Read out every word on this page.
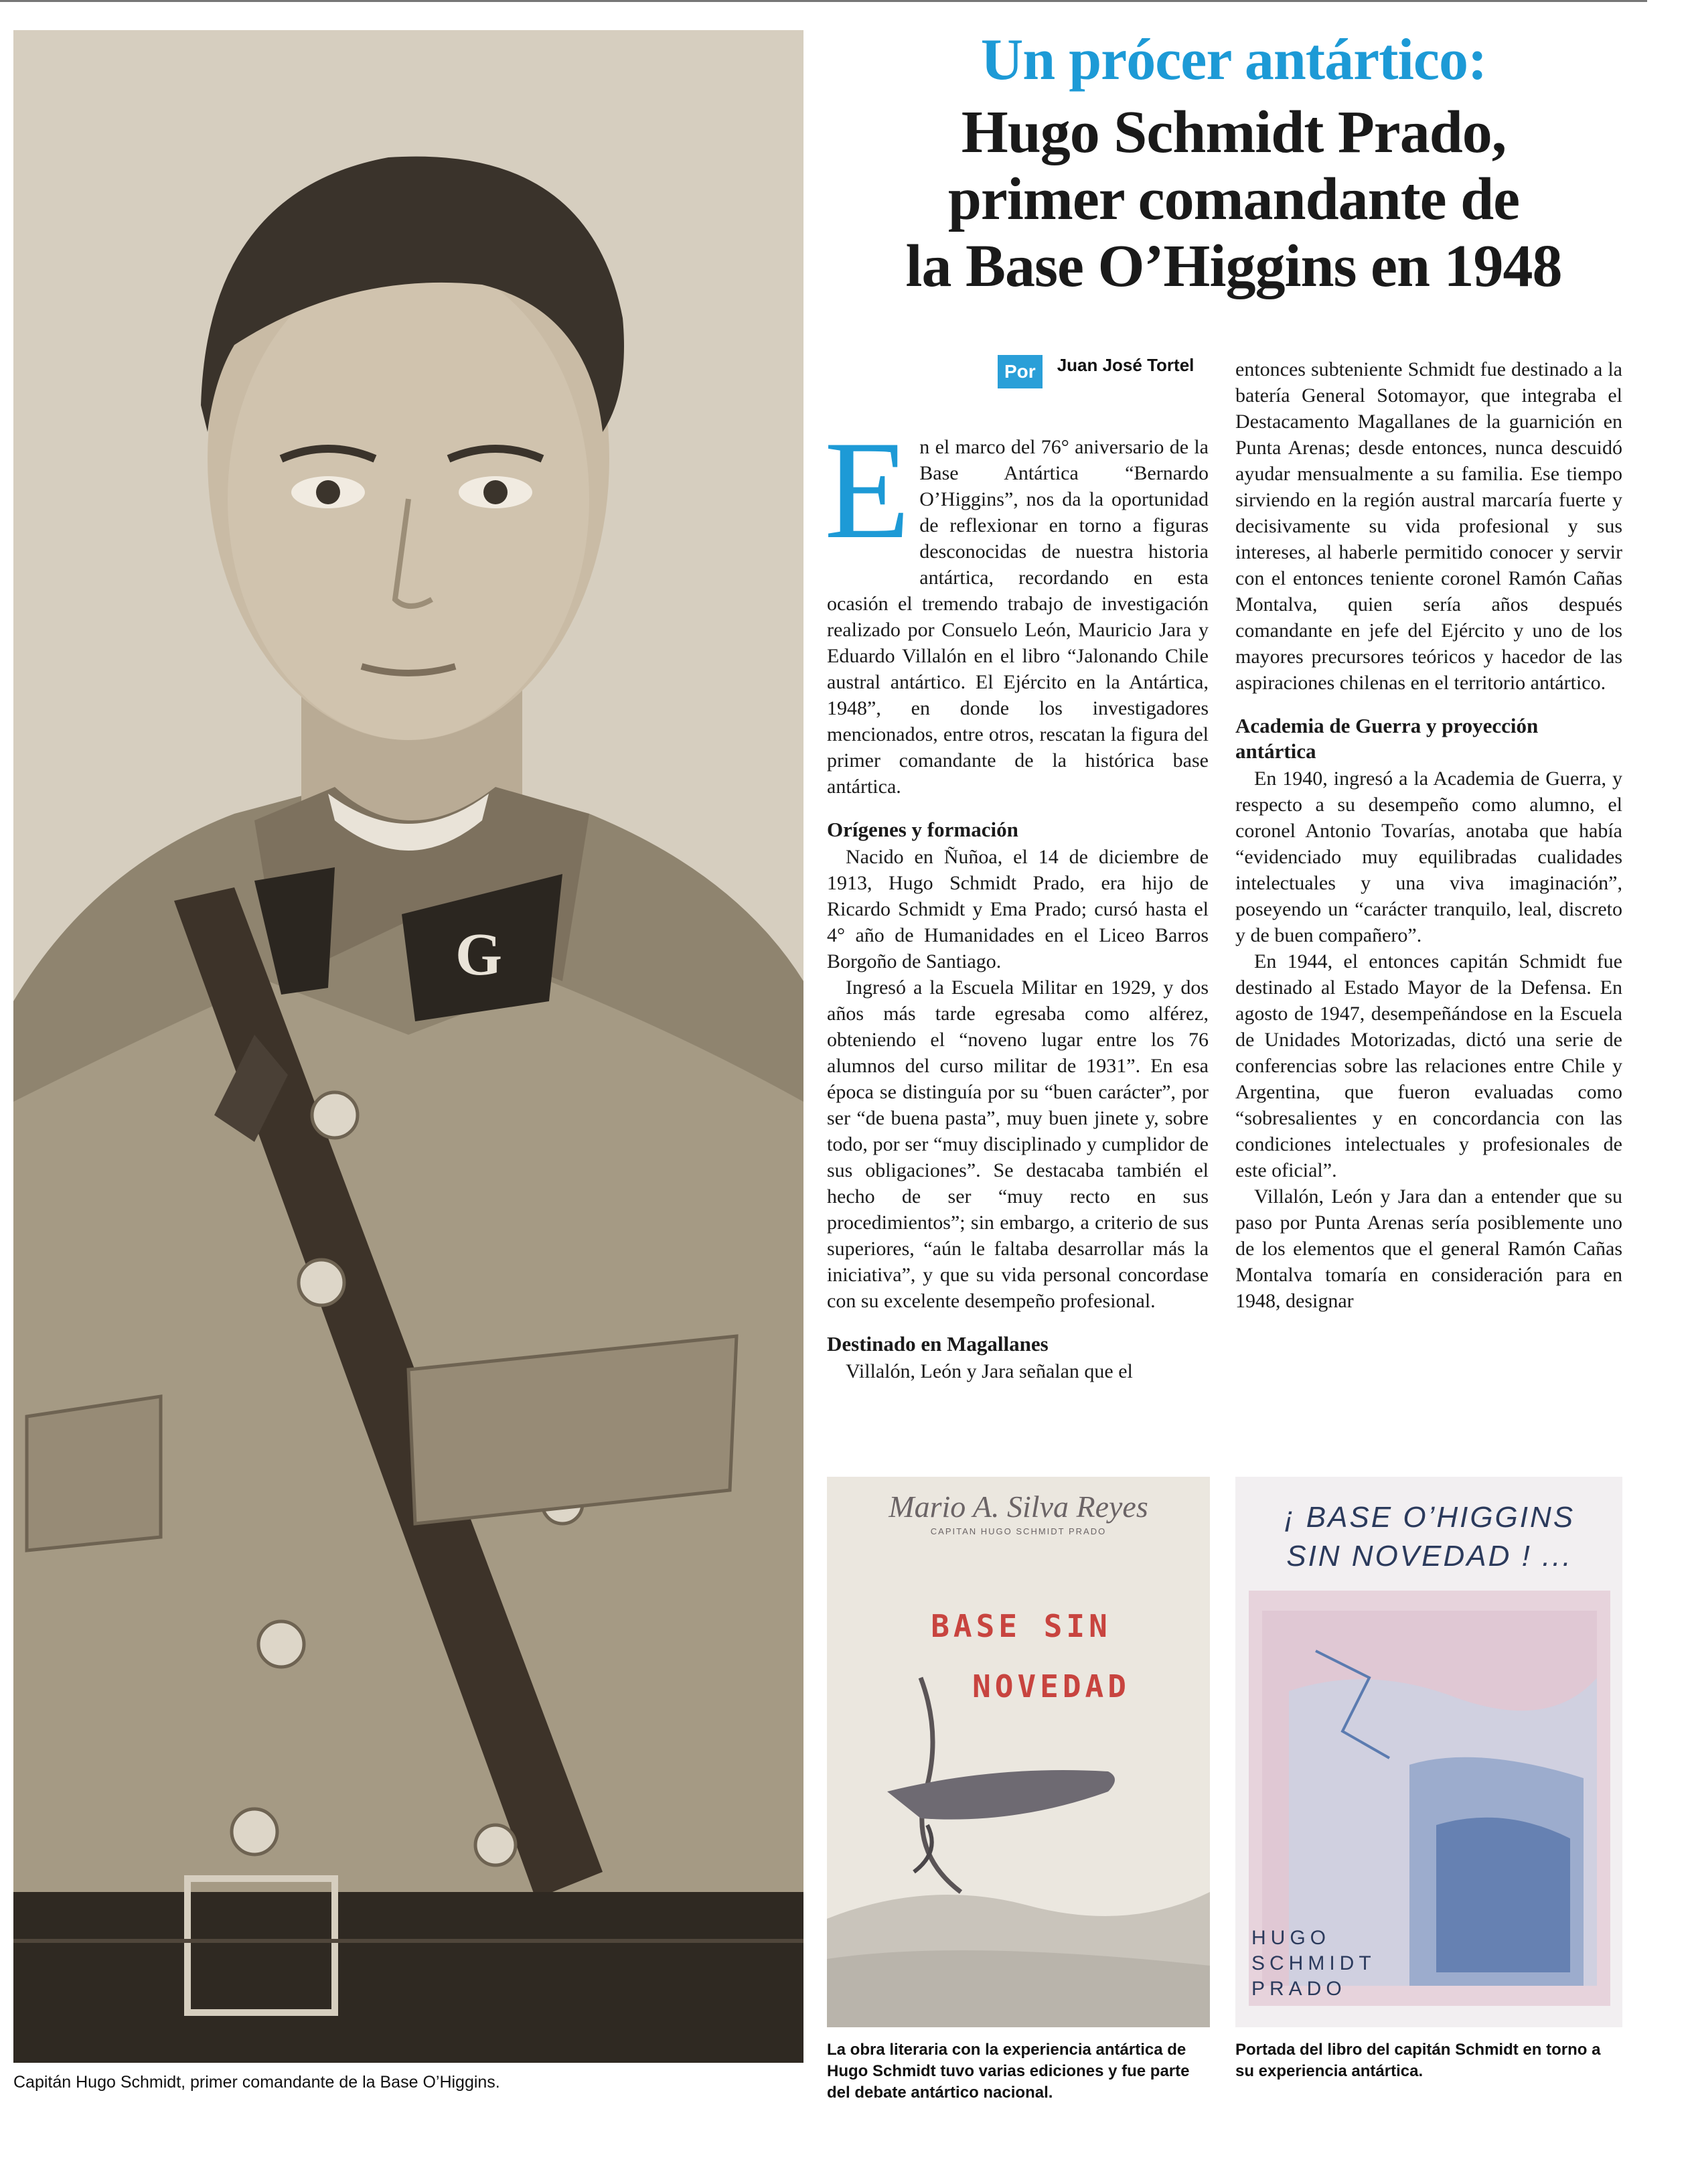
G
Capitán Hugo Schmidt, primer comandante de la Base O’Higgins.
Un prócer antártico:
Hugo Schmidt Prado,
primer comandante de
la Base O’Higgins en 1948
Por	Juan José Tortel

En el marco del 76° aniversario de la Base Antártica “Bernardo O’Higgins”, nos da la oportunidad de reflexionar en torno a figuras desconocidas de nuestra historia antártica, recordando en esta ocasión el tremendo trabajo de investigación realizado por Consuelo León, Mauricio Jara y Eduardo Villalón en el libro “Jalonando Chile austral antártico. El Ejército en la Antártica, 1948”, en donde los investigadores mencionados, entre otros, rescatan la figura del primer comandante de la histórica base antártica.

Orígenes y formación

Nacido en Ñuñoa, el 14 de diciembre de 1913, Hugo Schmidt Prado, era hijo de Ricardo Schmidt y Ema Prado; cursó hasta el 4° año de Humanidades en el Liceo Barros Borgoño de Santiago.

Ingresó a la Escuela Militar en 1929, y dos años más tarde egresaba como alférez, obteniendo el “noveno lugar entre los 76 alumnos del curso militar de 1931”. En esa época se distinguía por su “buen carácter”, por ser “de buena pasta”, muy buen jinete y, sobre todo, por ser “muy disciplinado y cumplidor de sus obligaciones”. Se destacaba también el hecho de ser “muy recto en sus procedimientos”; sin embargo, a criterio de sus superiores, “aún le faltaba desarrollar más la iniciativa”, y que su vida personal concordase con su excelente desempeño profesional.

Destinado en Magallanes

Villalón, León y Jara señalan que el

entonces subteniente Schmidt fue destinado a la batería General Sotomayor, que integraba el Destacamento Magallanes de la guarnición en Punta Arenas; desde entonces, nunca descuidó ayudar mensualmente a su familia. Ese tiempo sirviendo en la región austral marcaría fuerte y decisivamente su vida profesional y sus intereses, al haberle permitido conocer y servir con el entonces teniente coronel Ramón Cañas Montalva, quien sería años después comandante en jefe del Ejército y uno de los mayores precursores teóricos y hacedor de las aspiraciones chilenas en el territorio antártico.

Academia de Guerra y proyección antártica

En 1940, ingresó a la Academia de Guerra, y respecto a su desempeño como alumno, el coronel Antonio Tovarías, anotaba que había “evidenciado muy equilibradas cualidades intelectuales y una viva imaginación”, poseyendo un “carácter tranquilo, leal, discreto y de buen compañero”.

En 1944, el entonces capitán Schmidt fue destinado al Estado Mayor de la Defensa. En agosto de 1947, desempeñándose en la Escuela de Unidades Motorizadas, dictó una serie de conferencias sobre las relaciones entre Chile y Argentina, que fueron evaluadas como “sobresalientes y en concordancia con las condiciones intelectuales y profesionales de este oficial”.

Villalón, León y Jara dan a entender que su paso por Punta Arenas sería posiblemente uno de los elementos que el general Ramón Cañas Montalva tomaría en consideración para en 1948, designar

Mario A. Silva Reyes
CAPITAN HUGO SCHMIDT PRADO
BASE SIN
NOVEDAD
La obra literaria con la experiencia antártica de Hugo Schmidt tuvo varias ediciones y fue parte del debate antártico nacional.
¡ BASE O’HIGGINS
SIN NOVEDAD ! ...
HUGO
SCHMIDT
PRADO
Portada del libro del capitán Schmidt en torno a su experiencia antártica.
